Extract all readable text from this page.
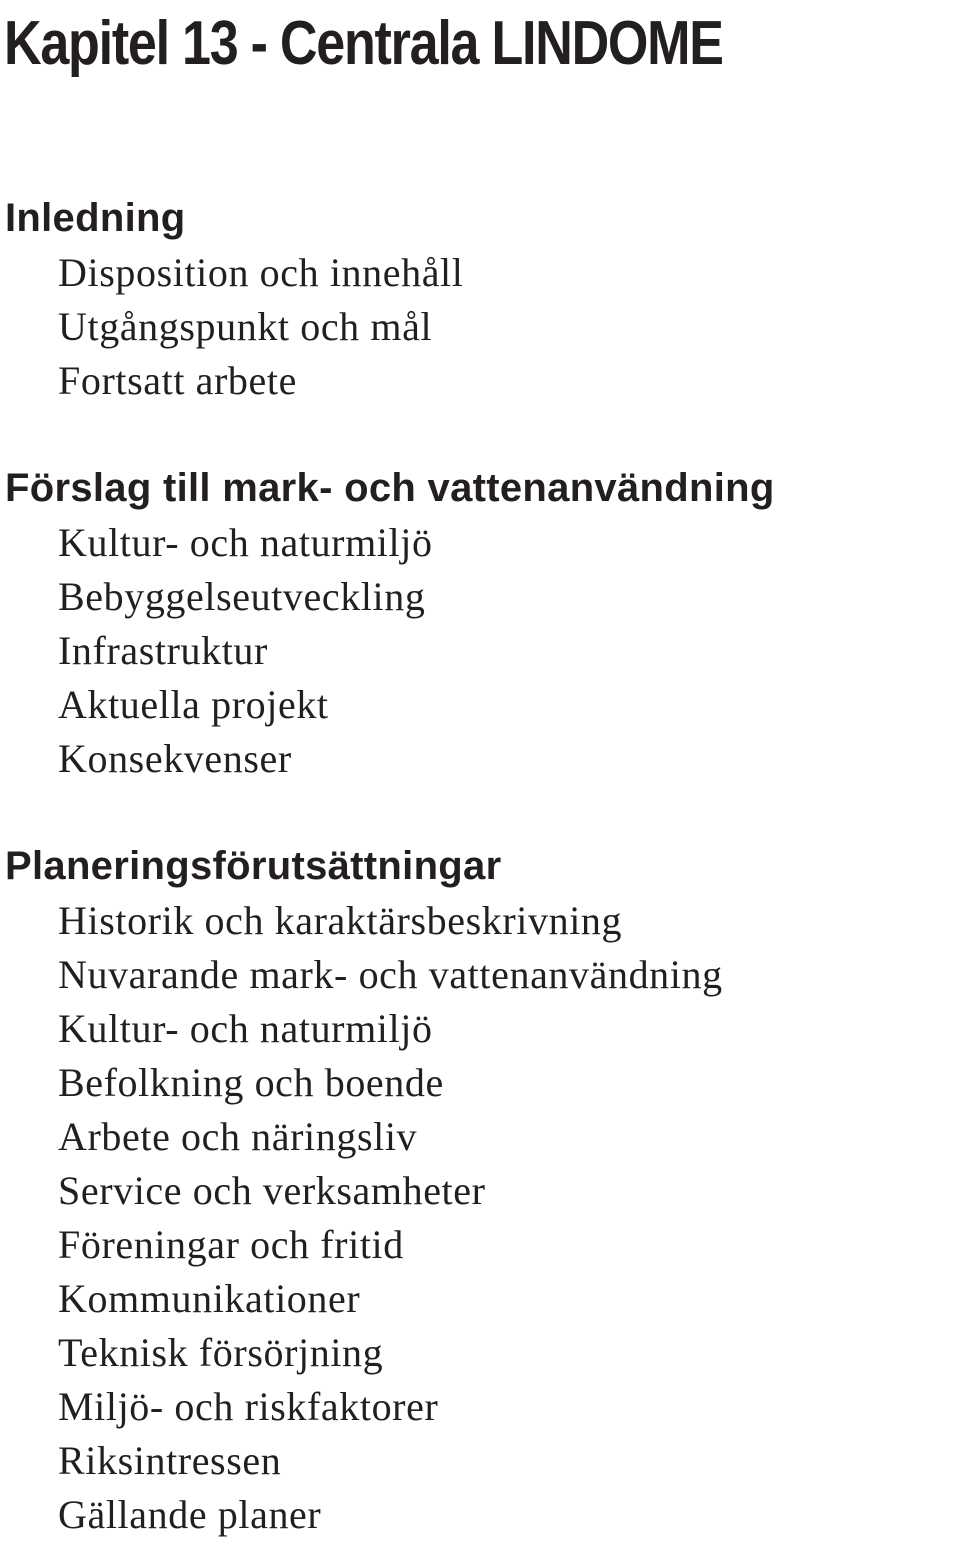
Kapitel 13 - Centrala LINDOME
Inledning
Disposition och innehåll
Utgångspunkt och mål
Fortsatt arbete
Förslag till mark- och vattenanvändning
Kultur- och naturmiljö
Bebyggelseutveckling
Infrastruktur
Aktuella projekt
Konsekvenser
Planeringsförutsättningar
Historik och karaktärsbeskrivning
Nuvarande mark- och vattenanvändning
Kultur- och naturmiljö
Befolkning och boende
Arbete och näringsliv
Service och verksamheter
Föreningar och fritid
Kommunikationer
Teknisk försörjning
Miljö- och riskfaktorer
Riksintressen
Gällande planer
